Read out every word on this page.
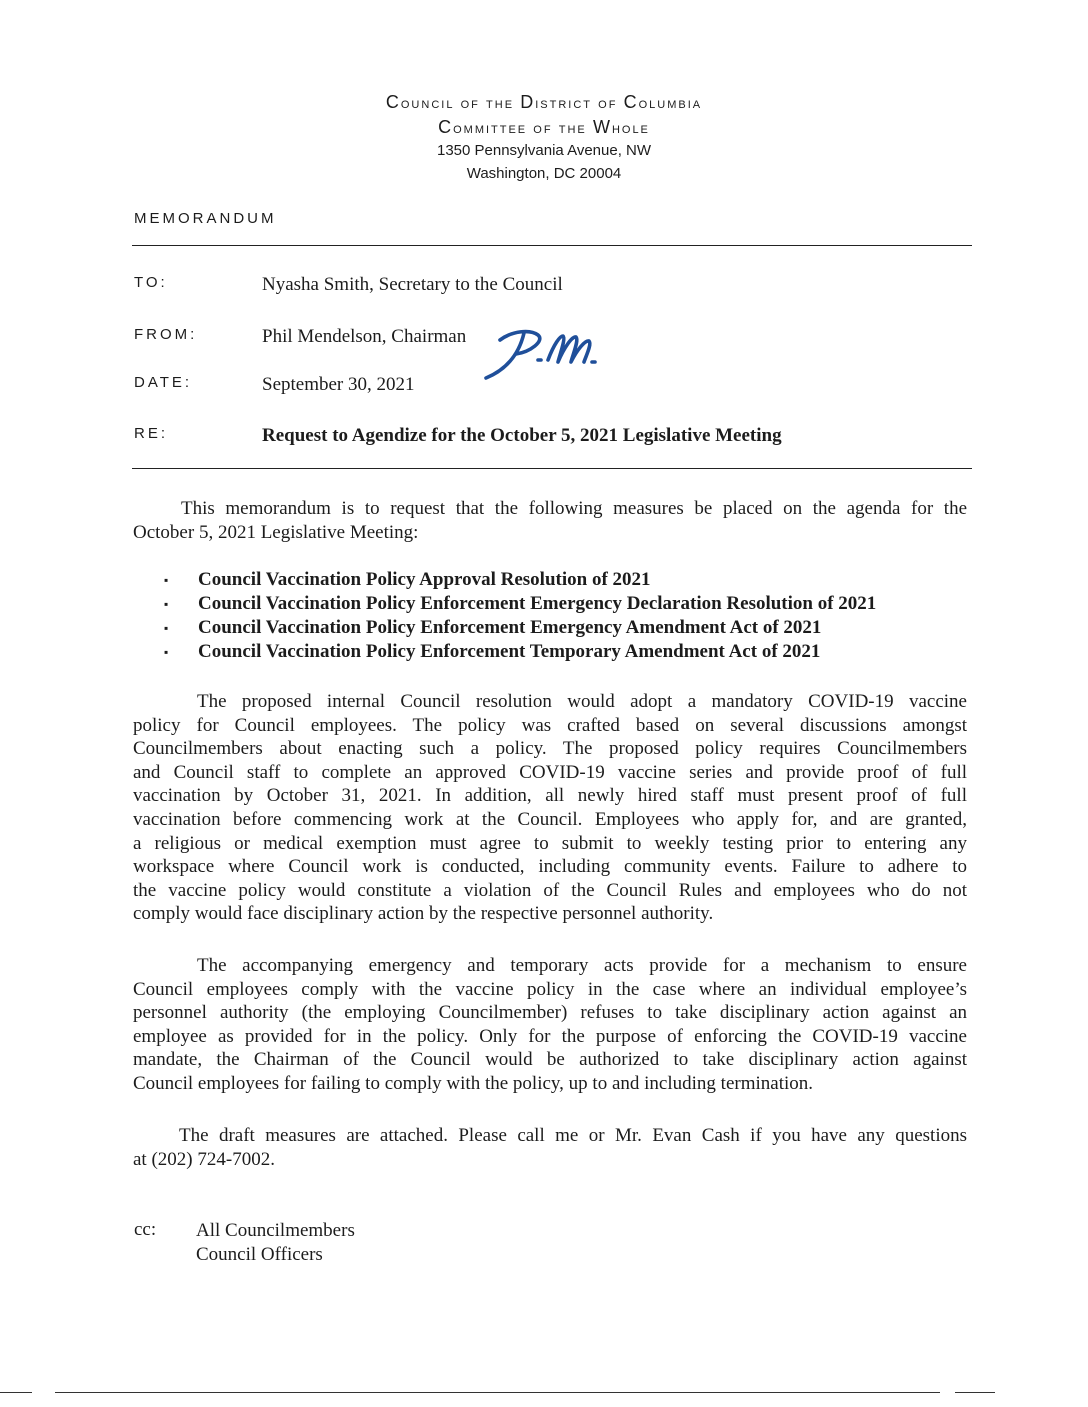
Council of the District of Columbia
Committee of the Whole
1350 Pennsylvania Avenue, NW
Washington, DC 20004
MEMORANDUM
TO:	Nyasha Smith, Secretary to the Council
FROM:	Phil Mendelson, Chairman
DATE:	September 30, 2021
RE:	Request to Agendize for the October 5, 2021 Legislative Meeting

This memorandum is to request that the following measures be placed on the agenda for the
October 5, 2021 Legislative Meeting:

▪ Council Vaccination Policy Approval Resolution of 2021
▪ Council Vaccination Policy Enforcement Emergency Declaration Resolution of 2021
▪ Council Vaccination Policy Enforcement Emergency Amendment Act of 2021
▪ Council Vaccination Policy Enforcement Temporary Amendment Act of 2021

The proposed internal Council resolution would adopt a mandatory COVID-19 vaccine
policy for Council employees. The policy was crafted based on several discussions amongst
Councilmembers about enacting such a policy. The proposed policy requires Councilmembers
and Council staff to complete an approved COVID-19 vaccine series and provide proof of full
vaccination by October 31, 2021. In addition, all newly hired staff must present proof of full
vaccination before commencing work at the Council. Employees who apply for, and are granted,
a religious or medical exemption must agree to submit to weekly testing prior to entering any
workspace where Council work is conducted, including community events. Failure to adhere to
the vaccine policy would constitute a violation of the Council Rules and employees who do not
comply would face disciplinary action by the respective personnel authority.

The accompanying emergency and temporary acts provide for a mechanism to ensure
Council employees comply with the vaccine policy in the case where an individual employee’s
personnel authority (the employing Councilmember) refuses to take disciplinary action against an
employee as provided for in the policy. Only for the purpose of enforcing the COVID-19 vaccine
mandate, the Chairman of the Council would be authorized to take disciplinary action against
Council employees for failing to comply with the policy, up to and including termination.

The draft measures are attached. Please call me or Mr. Evan Cash if you have any questions
at (202) 724-7002.

cc: All Councilmembers
Council Officers
